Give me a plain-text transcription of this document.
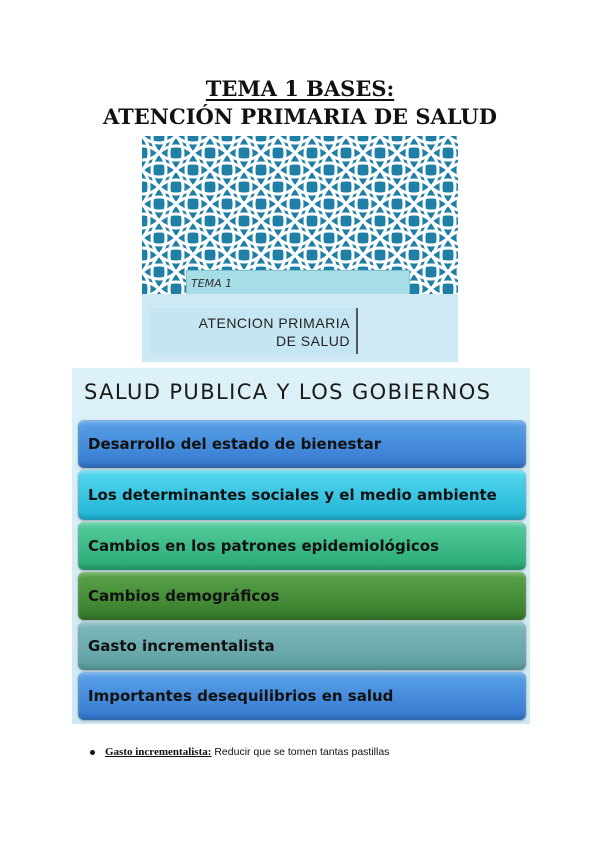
TEMA 1 BASES:
ATENCIÓN PRIMARIA DE SALUD
TEMA 1
ATENCION PRIMARIA
DE SALUD
SALUD PUBLICA Y LOS GOBIERNOS
Desarrollo del estado de bienestar
Los determinantes sociales y el medio ambiente
Cambios en los patrones epidemiológicos
Cambios demográficos
Gasto incrementalista
Importantes desequilibrios en salud
Gasto incrementalista: Reducir que se tomen tantas pastillas
